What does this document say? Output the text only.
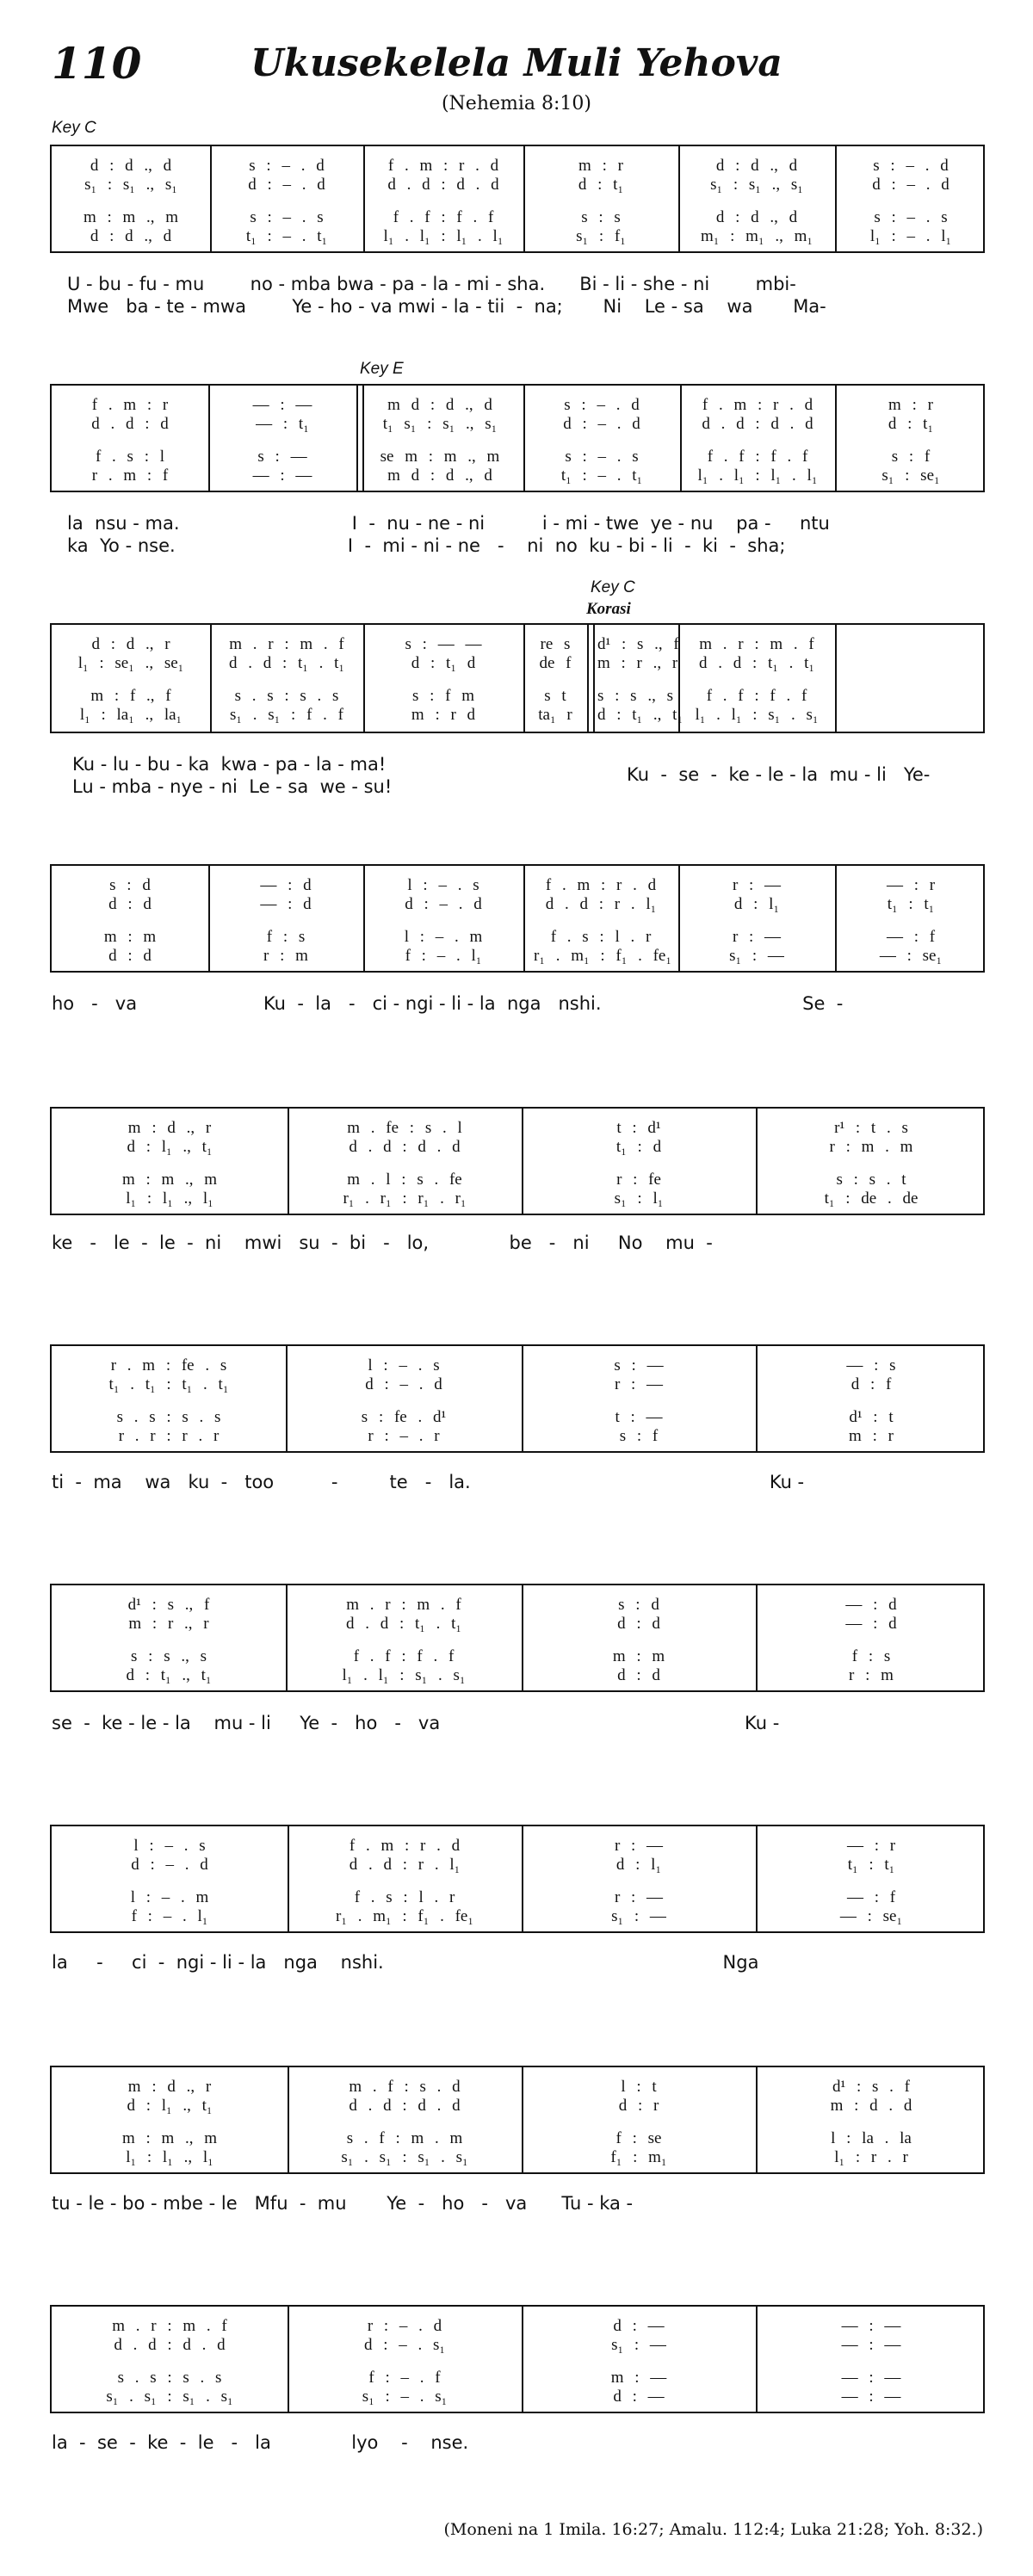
110	Ukusekelela Muli Yehova
(Nehemia 8:10)
Key C
Key E
Key C
Korasi
d : d ., d
s₁ : s₁ ., s₁
m : m ., m
d : d ., d
s : – . d
d : – . d
s : – . s
t₁ : – . t₁
f . m : r . d
d . d : d . d
f . f : f . f
l₁ . l₁ : l₁ . l₁
m : r
d : t₁
s : s
s₁ : f₁
d : d ., d
s₁ : s₁ ., s₁
d : d ., d
m₁ : m₁ ., m₁
s : – . d
d : – . d
s : – . s
l₁ : – . l₁
f . m : r
d . d : d
f . s : l
r . m : f
— : —
— : t₁
s : —
— : —
m d : d ., d
t₁ s₁ : s₁ ., s₁
se m : m ., m
m d : d ., d
s : – . d
d : – . d
s : – . s
t₁ : – . t₁
f . m : r . d
d . d : d . d
f . f : f . f
l₁ . l₁ : l₁ . l₁
m : r
d : t₁
s : f
s₁ : se₁
d : d ., r
l₁ : se₁ ., se₁
m : f ., f
l₁ : la₁ ., la₁
m . r : m . f
d . d : t₁ . t₁
s . s : s . s
s₁ . s₁ : f . f
s : — —
d : t₁ d
s : f m
m : r d
re s
de f
s t
ta₁ r
d¹ : s ., f
m : r ., r
s : s ., s
d : t₁ ., t₁
m . r : m . f
d . d : t₁ . t₁
f . f : f . f
l₁ . l₁ : s₁ . s₁
s : d
d : d
m : m
d : d
— : d
— : d
f : s
r : m
l : – . s
d : – . d
l : – . m
f : – . l₁
f . m : r . d
d . d : r . l₁
f . s : l . r
r₁ . m₁ : f₁ . fe₁
r : —
d : l₁
r : —
s₁ : —
— : r
t₁ : t₁
— : f
— : se₁
m : d ., r
d : l₁ ., t₁
m : m ., m
l₁ : l₁ ., l₁
m . fe : s . l
d . d : d . d
m . l : s . fe
r₁ . r₁ : r₁ . r₁
t : d¹
t₁ : d
r : fe
s₁ : l₁
r¹ : t . s
r : m . m
s : s . t
t₁ : de . de
r . m : fe . s
t₁ . t₁ : t₁ . t₁
s . s : s . s
r . r : r . r
l : – . s
d : – . d
s : fe . d¹
r : – . r
s : —
r : —
t : —
s : f
— : s
d : f
d¹ : t
m : r
d¹ : s ., f
m : r ., r
s : s ., s
d : t₁ ., t₁
m . r : m . f
d . d : t₁ . t₁
f . f : f . f
l₁ . l₁ : s₁ . s₁
s : d
d : d
m : m
d : d
— : d
— : d
f : s
r : m
l : – . s
d : – . d
l : – . m
f : – . l₁
f . m : r . d
d . d : r . l₁
f . s : l . r
r₁ . m₁ : f₁ . fe₁
r : —
d : l₁
r : —
s₁ : —
— : r
t₁ : t₁
— : f
— : se₁
m : d ., r
d : l₁ ., t₁
m : m ., m
l₁ : l₁ ., l₁
m . f : s . d
d . d : d . d
s . f : m . m
s₁ . s₁ : s₁ . s₁
l : t
d : r
f : se
f₁ : m₁
d¹ : s . f
m : d . d
l : la . la
l₁ : r . r
m . r : m . f
d . d : d . d
s . s : s . s
s₁ . s₁ : s₁ . s₁
r : – . d
d : – . s₁
f : – . f
s₁ : – . s₁
d : —
s₁ : —
m : —
d : —
— : —
— : —
— : —
— : —
(Moneni na 1 Imila. 16:27; Amalu. 112:4; Luka 21:28; Yoh. 8:32.)
U - bu - fu - mu        no - mba bwa - pa - la - mi - sha.      Bi - li - she - ni        mbi-
Mwe   ba - te - mwa        Ye - ho - va mwi - la - tii  -  na;       Ni    Le - sa    wa       Ma-
la  nsu - ma.                              I  -  nu - ne - ni          i - mi - twe  ye - nu    pa -     ntu
ka  Yo - nse.                              I  -  mi - ni - ne   -    ni  no  ku - bi - li  -  ki  -  sha;
Ku - lu - bu - ka  kwa - pa - la - ma!
Lu - mba - nye - ni  Le - sa  we - su!
Ku  -  se  -  ke - le - la  mu - li   Ye-
ho   -   va                      Ku  -  la   -   ci - ngi - li - la  nga   nshi.                                   Se  -
ke   -   le  -  le  -  ni    mwi   su  -  bi   -   lo,              be   -   ni     No    mu  -
ti  -  ma    wa   ku  -   too          -         te   -   la.                                                    Ku -
se  -  ke - le - la    mu - li     Ye  -   ho   -   va                                                     Ku -
la     -     ci  -  ngi - li - la   nga    nshi.                                                           Nga
tu - le - bo - mbe - le   Mfu  -  mu       Ye  -   ho   -   va      Tu - ka -
la  -  se  -  ke  -  le   -   la              lyo    -    nse.
